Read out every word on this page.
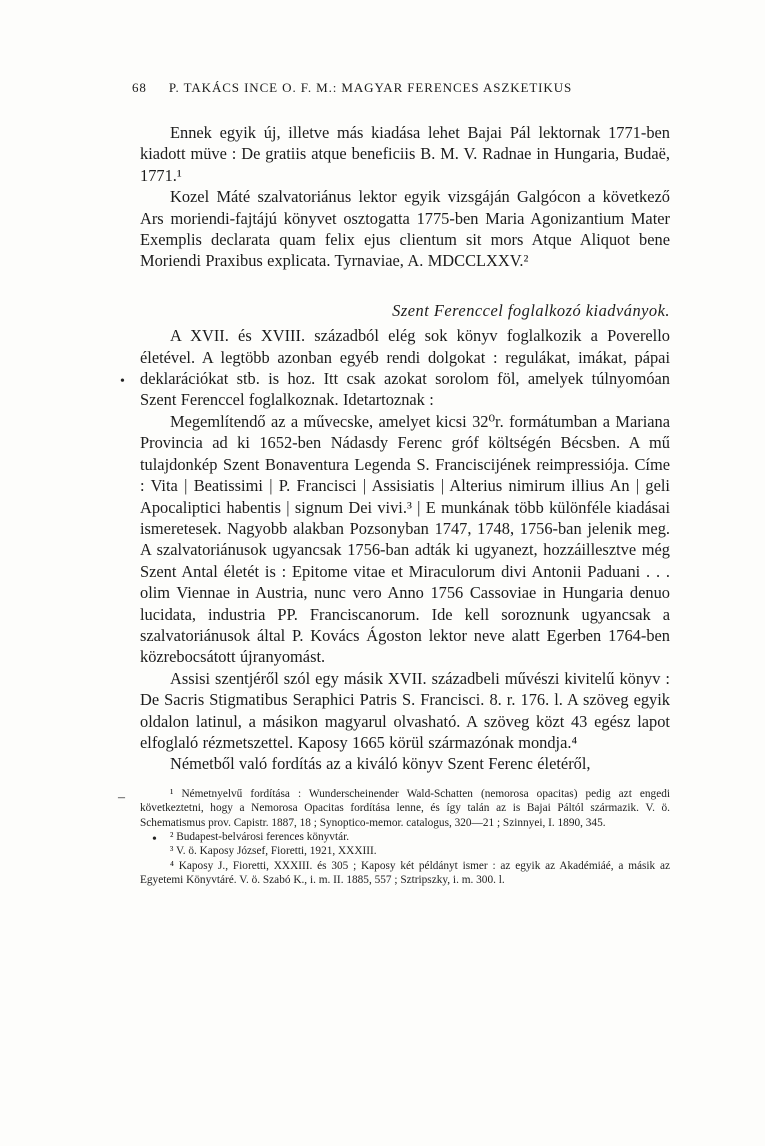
68 P. TAKÁCS INCE O. F. M.: MAGYAR FERENCES ASZKETIKUS

Ennek egyik új, illetve más kiadása lehet Bajai Pál lektornak 1771-ben kiadott müve : De gratiis atque beneficiis B. M. V. Radnae in Hungaria, Budaë, 1771.¹

Kozel Máté szalvatoriánus lektor egyik vizsgáján Galgócon a következő Ars moriendi-fajtájú könyvet osztogatta 1775-ben Maria Agonizantium Mater Exemplis declarata quam felix ejus clientum sit mors Atque Aliquot bene Moriendi Praxibus explicata. Tyrnaviae, A. MDCCLXXV.²

Szent Ferenccel foglalkozó kiadványok.

A XVII. és XVIII. századból elég sok könyv foglalkozik a Poverello életével. A legtöbb azonban egyéb rendi dolgokat : regulákat, imákat, pápai deklarációkat stb. is hoz. Itt csak azokat sorolom föl, amelyek túlnyomóan Szent Ferenccel foglalkoznak. Idetartoznak :

Megemlítendő az a művecske, amelyet kicsi 32⁰r. formátumban a Mariana Provincia ad ki 1652-ben Nádasdy Ferenc gróf költségén Bécsben. A mű tulajdonkép Szent Bonaventura Legenda S. Franciscijének reimpressiója. Címe : Vita | Beatissimi | P. Francisci | Assisiatis | Alterius nimirum illius An | geli Apocaliptici habentis | signum Dei vivi.³ | E munkának több különféle kiadásai ismeretesek. Nagyobb alakban Pozsonyban 1747, 1748, 1756-ban jelenik meg. A szalvatoriánusok ugyancsak 1756-ban adták ki ugyanezt, hozzáillesztve még Szent Antal életét is : Epitome vitae et Miraculorum divi Antonii Paduani . . . olim Viennae in Austria, nunc vero Anno 1756 Cassoviae in Hungaria denuo lucidata, industria PP. Franciscanorum. Ide kell soroznunk ugyancsak a szalvatoriánusok által P. Kovács Ágoston lektor neve alatt Egerben 1764-ben közrebocsátott újranyomást.

Assisi szentjéről szól egy másik XVII. századbeli művészi kivitelű könyv : De Sacris Stigmatibus Seraphici Patris S. Francisci. 8. r. 176. l. A szöveg egyik oldalon latinul, a másikon magyarul olvasható. A szöveg közt 43 egész lapot elfoglaló rézmetszettel. Kaposy 1665 körül származónak mondja.⁴

Németből való fordítás az a kiváló könyv Szent Ferenc életéről,

¹ Németnyelvű fordítása : Wunderscheinender Wald-Schatten (nemorosa opacitas) pedig azt engedi következtetni, hogy a Nemorosa Opacitas fordítása lenne, és így talán az is Bajai Páltól származik. V. ö. Schematismus prov. Capistr. 1887, 18 ; Synoptico-memor. catalogus, 320—21 ; Szinnyei, I. 1890, 345.

² Budapest-belvárosi ferences könyvtár.

³ V. ö. Kaposy József, Fioretti, 1921, XXXIII.

⁴ Kaposy J., Fioretti, XXXIII. és 305 ; Kaposy két példányt ismer : az egyik az Akadémiáé, a másik az Egyetemi Könyvtáré. V. ö. Szabó K., i. m. II. 1885, 557 ; Sztripszky, i. m. 300. l.

•
–
•
